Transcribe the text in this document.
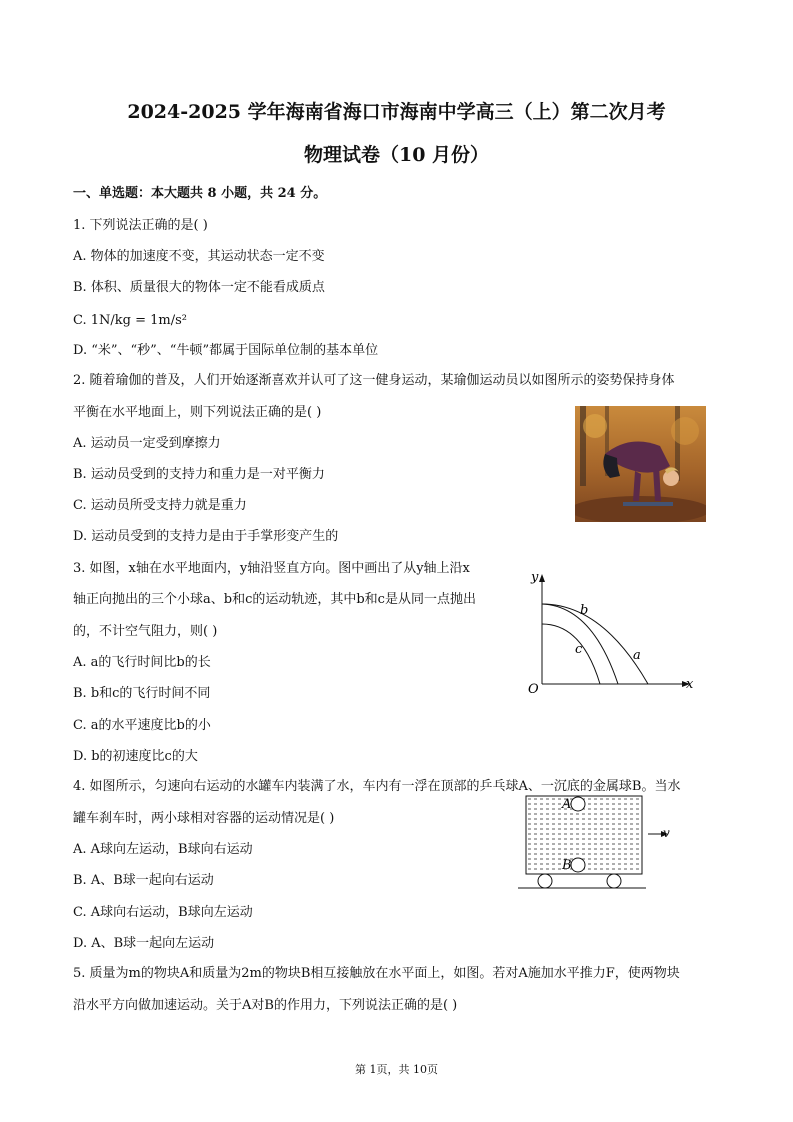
2024-2025 学年海南省海口市海南中学高三（上）第二次月考
物理试卷（10 月份）
一、单选题：本大题共 8 小题，共 24 分。
1. 下列说法正确的是( )
A. 物体的加速度不变，其运动状态一定不变
B. 体积、质量很大的物体一定不能看成质点
C. 1N/kg = 1m/s²
D. “米”、“秒”、“牛顿”都属于国际单位制的基本单位
2. 随着瑜伽的普及，人们开始逐渐喜欢并认可了这一健身运动，某瑜伽运动员以如图所示的姿势保持身体
平衡在水平地面上，则下列说法正确的是( )
A. 运动员一定受到摩擦力
B. 运动员受到的支持力和重力是一对平衡力
C. 运动员所受支持力就是重力
D. 运动员受到的支持力是由于手掌形变产生的
3. 如图，x轴在水平地面内，y轴沿竖直方向。图中画出了从y轴上沿x
轴正向抛出的三个小球a、b和c的运动轨迹，其中b和c是从同一点抛出
的，不计空气阻力，则( )
A. a的飞行时间比b的长
B. b和c的飞行时间不同
C. a的水平速度比b的小
D. b的初速度比c的大
y
x
O
b
c	a
4. 如图所示，匀速向右运动的水罐车内装满了水，车内有一浮在顶部的乒乓球A、一沉底的金属球B。当水
罐车刹车时，两小球相对容器的运动情况是( )
A. A球向左运动，B球向右运动
B. A、B球一起向右运动
C. A球向右运动，B球向左运动
D. A、B球一起向左运动
A
B
v
5. 质量为m的物块A和质量为2m的物块B相互接触放在水平面上，如图。若对A施加水平推力F，使两物块
沿水平方向做加速运动。关于A对B的作用力，下列说法正确的是( )
第 1页，共 10页
